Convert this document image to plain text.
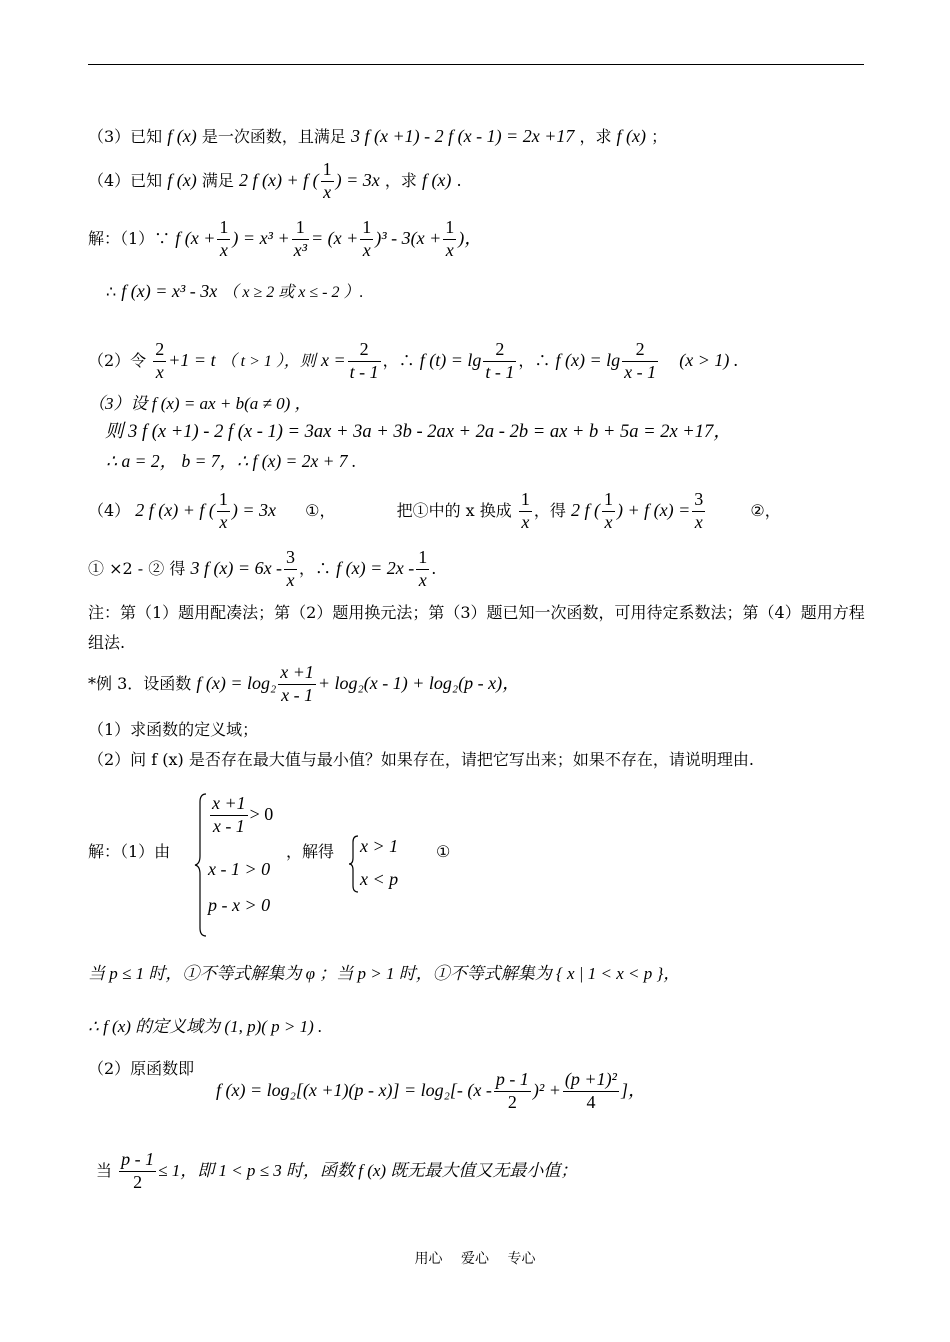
（3）已知 f (x) 是一次函数，且满足 3 f (x +1) - 2 f (x - 1) = 2x +17 ，求 f (x) ；
（4）已知 f (x) 满足 2 f (x) + f ( $\frac{1}{x}$ ) = 3x ，求 f (x) .
解：（1）∵ f ($x + \frac{1}{x}$ ) = $x^3 + \frac{1}{\text{x³}} = (x + \frac{1}{x} )^3 - 3(x + \frac{1}{x}$ )，
∴ f (x) = x³ - 3x （ x ≥ 2 或 x ≤ - 2 ）.
（2）令 $\frac{2}{x} +1 = t$ （ t > 1 ），则 $x = \frac{2}{t - 1}$ ，∴ f $(t) = \lg \frac{2}{t - 1}$ ，∴ f $(x) = \lg \frac{2}{x - 1} (x > 1)$ .
（3）设 f (x) = ax + b(a ≠ 0) ，
则 3 f (x +1) - 2 f (x - 1) = 3ax + 3a + 3b - 2ax + 2a - 2b = ax + b + 5a = 2x +17，
∴ a = 2， b = 7，∴ f (x) = 2x + 7 .
（4） 2 f (x) + f ( $\frac{1}{x}$ ) = 3x ①，	把①中的 x 换成 $\frac{1}{x}$ ，得 2 f ( $\frac{1}{x}$ ) + f $(x) = \frac{3}{x}$	②，
① ×2 - ② 得 3 f $(x) = 6x - \frac{3}{x}$ ，∴ f $(x) = 2x - \frac{1}{x}$ .
注：第（1）题用配凑法；第（2）题用换元法；第（3）题已知一次函数，可用待定系数法；第（4）题用方程组法.
*例 3．设函数 f $(x) = \log_2 \frac{x +1}{x - 1} + \log_2(x - 1) + \log_2(p - x)$，
（1）求函数的定义域；
（2）问 f (x) 是否存在最大值与最小值？如果存在，请把它写出来；如果不存在，请说明理由.
解：（1）由
$\frac{x +1}{x - 1} > 0$
x - 1 > 0
p - x > 0
，解得 x > 1
x < p
①
当 p ≤ 1 时，①不等式解集为 φ ；当 p > 1 时，①不等式解集为 { x | 1 < x < p }，
∴ f (x) 的定义域为 (1, p)( p > 1) .
（2）原函数即
f (x) = log₂[(x +1)(p - x)] = log₂[- $(x - \frac{p - 1}{2} )^2 + \frac{\text{(p +1)²}}{4}$ ]，
当 $\frac{p - 1}{2} \le 1$，即 1 < p ≤ 3 时，函数 f (x) 既无最大值又无最小值；
用心 爱心 专心
